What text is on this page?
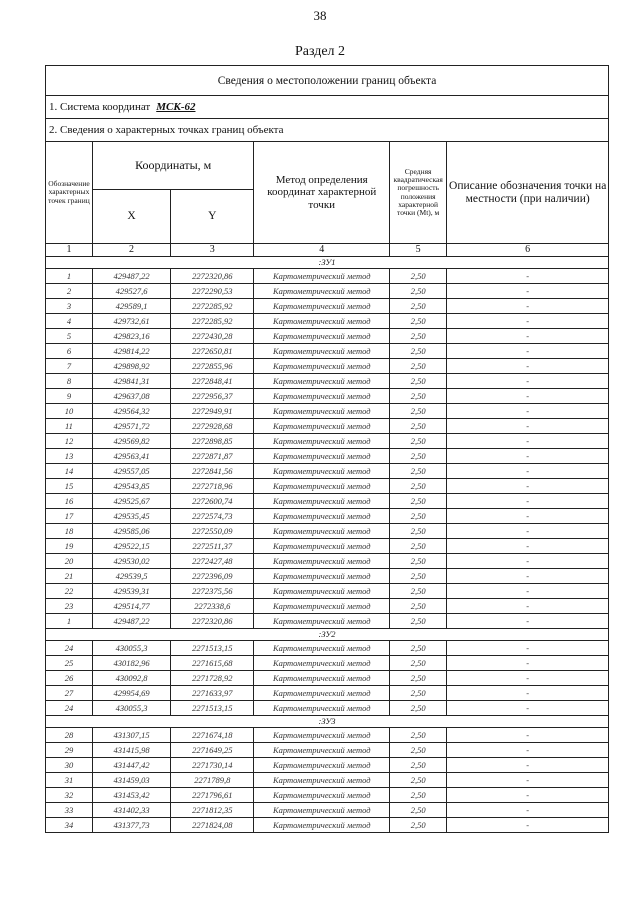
38
Раздел 2
Сведения о местоположении границ объекта					
1. Система координат МСК-62					
2. Сведения о характерных точках границ объекта					
Обозначение характерных точек границ	Координаты, м		Метод определения координат характерной точки	Средняя квадратическая погрешность положения характерной точки (Mt), м	Описание обозначения точки на местности (при наличии)
	X	Y			
1	2	3	4	5	6
:ЗУ1					
1	429487,22	2272320,86	Картометрический метод	2,50	-
2	429527,6	2272290,53	Картометрический метод	2,50	-
3	429589,1	2272285,92	Картометрический метод	2,50	-
4	429732,61	2272285,92	Картометрический метод	2,50	-
5	429823,16	2272430,28	Картометрический метод	2,50	-
6	429814,22	2272650,81	Картометрический метод	2,50	-
7	429898,92	2272855,96	Картометрический метод	2,50	-
8	429841,31	2272848,41	Картометрический метод	2,50	-
9	429637,08	2272956,37	Картометрический метод	2,50	-
10	429564,32	2272949,91	Картометрический метод	2,50	-
11	429571,72	2272928,68	Картометрический метод	2,50	-
12	429569,82	2272898,85	Картометрический метод	2,50	-
13	429563,41	2272871,87	Картометрический метод	2,50	-
14	429557,05	2272841,56	Картометрический метод	2,50	-
15	429543,85	2272718,96	Картометрический метод	2,50	-
16	429525,67	2272600,74	Картометрический метод	2,50	-
17	429535,45	2272574,73	Картометрический метод	2,50	-
18	429585,06	2272550,09	Картометрический метод	2,50	-
19	429522,15	2272511,37	Картометрический метод	2,50	-
20	429530,02	2272427,48	Картометрический метод	2,50	-
21	429539,5	2272396,09	Картометрический метод	2,50	-
22	429539,31	2272375,56	Картометрический метод	2,50	-
23	429514,77	2272338,6	Картометрический метод	2,50	-
1	429487,22	2272320,86	Картометрический метод	2,50	-
:ЗУ2					
24	430055,3	2271513,15	Картометрический метод	2,50	-
25	430182,96	2271615,68	Картометрический метод	2,50	-
26	430092,8	2271728,92	Картометрический метод	2,50	-
27	429954,69	2271633,97	Картометрический метод	2,50	-
24	430055,3	2271513,15	Картометрический метод	2,50	-
:ЗУ3					
28	431307,15	2271674,18	Картометрический метод	2,50	-
29	431415,98	2271649,25	Картометрический метод	2,50	-
30	431447,42	2271730,14	Картометрический метод	2,50	-
31	431459,03	2271789,8	Картометрический метод	2,50	-
32	431453,42	2271796,61	Картометрический метод	2,50	-
33	431402,33	2271812,35	Картометрический метод	2,50	-
34	431377,73	2271824,08	Картометрический метод	2,50	-
